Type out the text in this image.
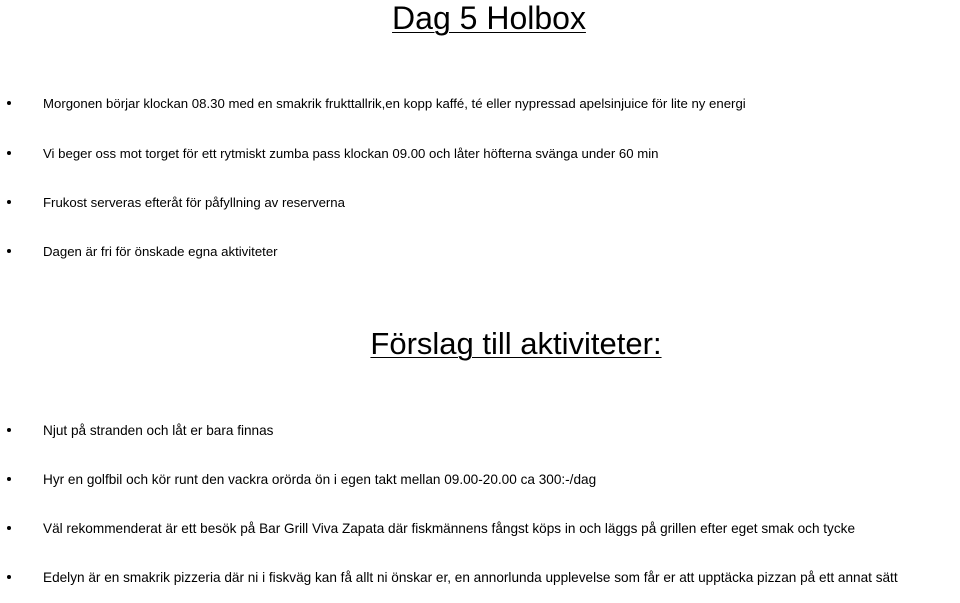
Dag 5 Holbox
Morgonen börjar klockan 08.30 med en smakrik frukttallrik,en kopp kaffé, té eller nypressad apelsinjuice för lite ny energi
Vi beger oss mot torget för ett rytmiskt zumba pass klockan 09.00 och låter höfterna svänga under 60 min
Frukost serveras efteråt för påfyllning av reserverna
Dagen är fri för önskade egna aktiviteter
Förslag till aktiviteter:
Njut på stranden och låt er bara finnas
Hyr en golfbil och kör runt den vackra orörda ön i egen takt mellan 09.00-20.00 ca 300:-/dag
Väl rekommenderat är ett besök på Bar Grill Viva Zapata där fiskmännens fångst köps in och läggs på grillen efter eget smak och tycke
Edelyn är en smakrik pizzeria där ni i fiskväg kan få allt ni önskar er, en annorlunda upplevelse som får er att upptäcka pizzan på ett annat sätt
